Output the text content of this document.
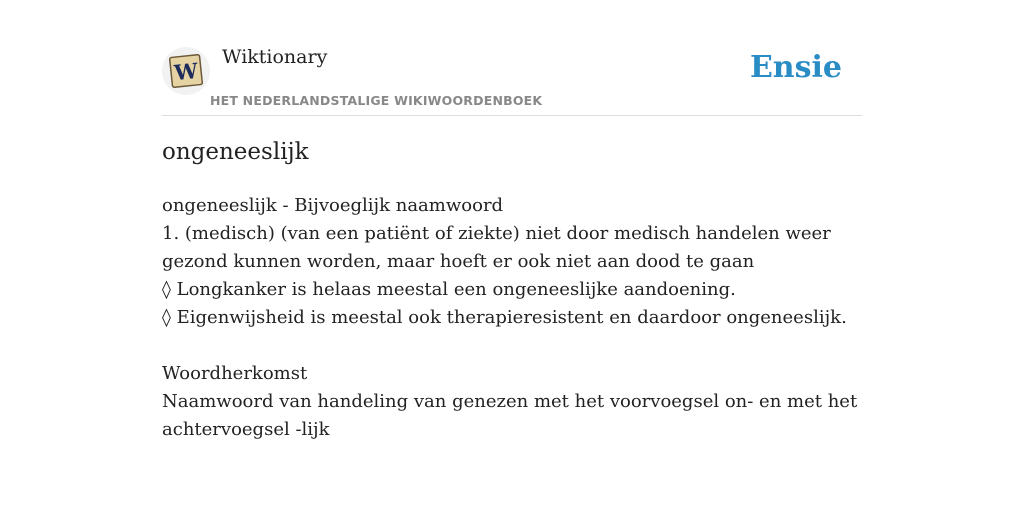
W
Wiktionary
HET NEDERLANDSTALIGE WIKIWOORDENBOEK
Ensie
ongeneeslijk
ongeneeslijk - Bijvoeglijk naamwoord
1. (medisch) (van een patiënt of ziekte) niet door medisch handelen weer gezond kunnen worden, maar hoeft er ook niet aan dood te gaan
◊ Longkanker is helaas meestal een ongeneeslijke aandoening.
◊ Eigenwijsheid is meestal ook therapieresistent en daardoor ongeneeslijk.
Woordherkomst
Naamwoord van handeling van genezen met het voorvoegsel on- en met het achtervoegsel -lijk
